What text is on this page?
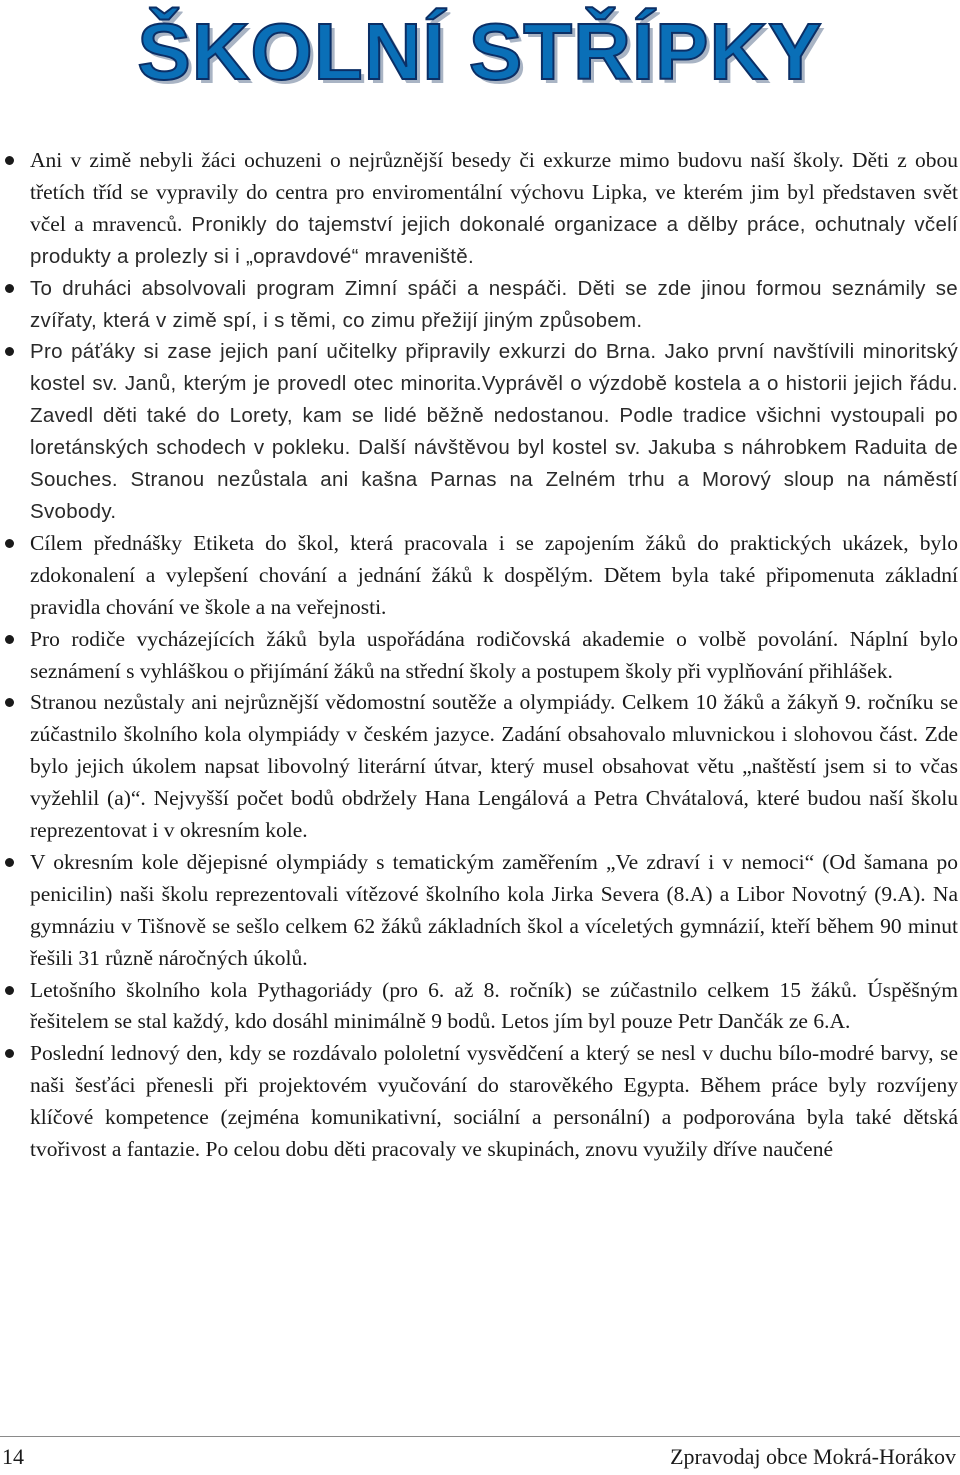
ŠKOLNÍ STŘÍPKY
Ani v zimě nebyli žáci ochuzeni o nejrůznější besedy či exkurze mimo budovu naší školy. Děti z obou třetích tříd se vypravily do centra pro enviromentální výchovu Lipka, ve kterém jim byl představen svět včel a mravenců. Pronikly do tajemství jejich dokonalé organizace a dělby práce, ochutnaly včelí produkty a prolezly si i „opravdové“ mraveniště.
To druháci absolvovali program Zimní spáči a nespáči. Děti se zde jinou formou seznámily se zvířaty, která v zimě spí, i s těmi, co zimu přežijí jiným způsobem.
Pro páťáky si zase jejich paní učitelky připravily exkurzi do Brna. Jako první navštívili minoritský kostel sv. Janů, kterým je provedl otec minorita.Vyprávěl o výzdobě kostela a o historii jejich řádu. Zavedl děti také do Lorety, kam se lidé běžně nedostanou. Podle tradice všichni vystoupali po loretánských schodech v pokleku. Další návštěvou byl kostel sv. Jakuba s náhrobkem Raduita de Souches. Stranou nezůstala ani kašna Parnas na Zelném trhu a Morový sloup na náměstí Svobody.
Cílem přednášky Etiketa do škol, která pracovala i se zapojením žáků do praktických ukázek, bylo zdokonalení a vylepšení chování a jednání žáků k dospělým. Dětem byla také připomenuta základní pravidla chování ve škole a na veřejnosti.
Pro rodiče vycházejících žáků byla uspořádána rodičovská akademie o volbě povolání. Náplní bylo seznámení s vyhláškou o přijímání žáků na střední školy a postupem školy při vyplňování přihlášek.
Stranou nezůstaly ani nejrůznější vědomostní soutěže a olympiády. Celkem 10 žáků a žákyň 9. ročníku se zúčastnilo školního kola olympiády v českém jazyce. Zadání obsahovalo mluvnickou i slohovou část. Zde bylo jejich úkolem napsat libovolný literární útvar, který musel obsahovat větu „naštěstí jsem si to včas vyžehlil (a)“. Nejvyšší počet bodů obdržely Hana Lengálová a Petra Chvátalová, které budou naší školu reprezentovat i v okresním kole.
V okresním kole dějepisné olympiády s tematickým zaměřením „Ve zdraví i v nemoci“ (Od šamana po penicilin) naši školu reprezentovali vítězové školního kola Jirka Severa (8.A) a Libor Novotný (9.A). Na gymnáziu v Tišnově se sešlo celkem 62 žáků základních škol a víceletých gymnázií, kteří během 90 minut řešili 31 různě náročných úkolů.
Letošního školního kola Pythagoriády (pro 6. až 8. ročník) se zúčastnilo celkem 15 žáků. Úspěšným řešitelem se stal každý, kdo dosáhl minimálně 9 bodů. Letos jím byl pouze Petr Dančák ze 6.A.
Poslední lednový den, kdy se rozdávalo pololetní vysvědčení a který se nesl v duchu bílo-modré barvy, se naši šesťáci přenesli při projektovém vyučování do starověkého Egypta. Během práce byly rozvíjeny klíčové kompetence (zejména komunikativní, sociální a personální) a podporována byla také dětská tvořivost a fantazie. Po celou dobu děti pracovaly ve skupinách, znovu využily dříve naučené
14	Zpravodaj obce Mokrá-Horákov
